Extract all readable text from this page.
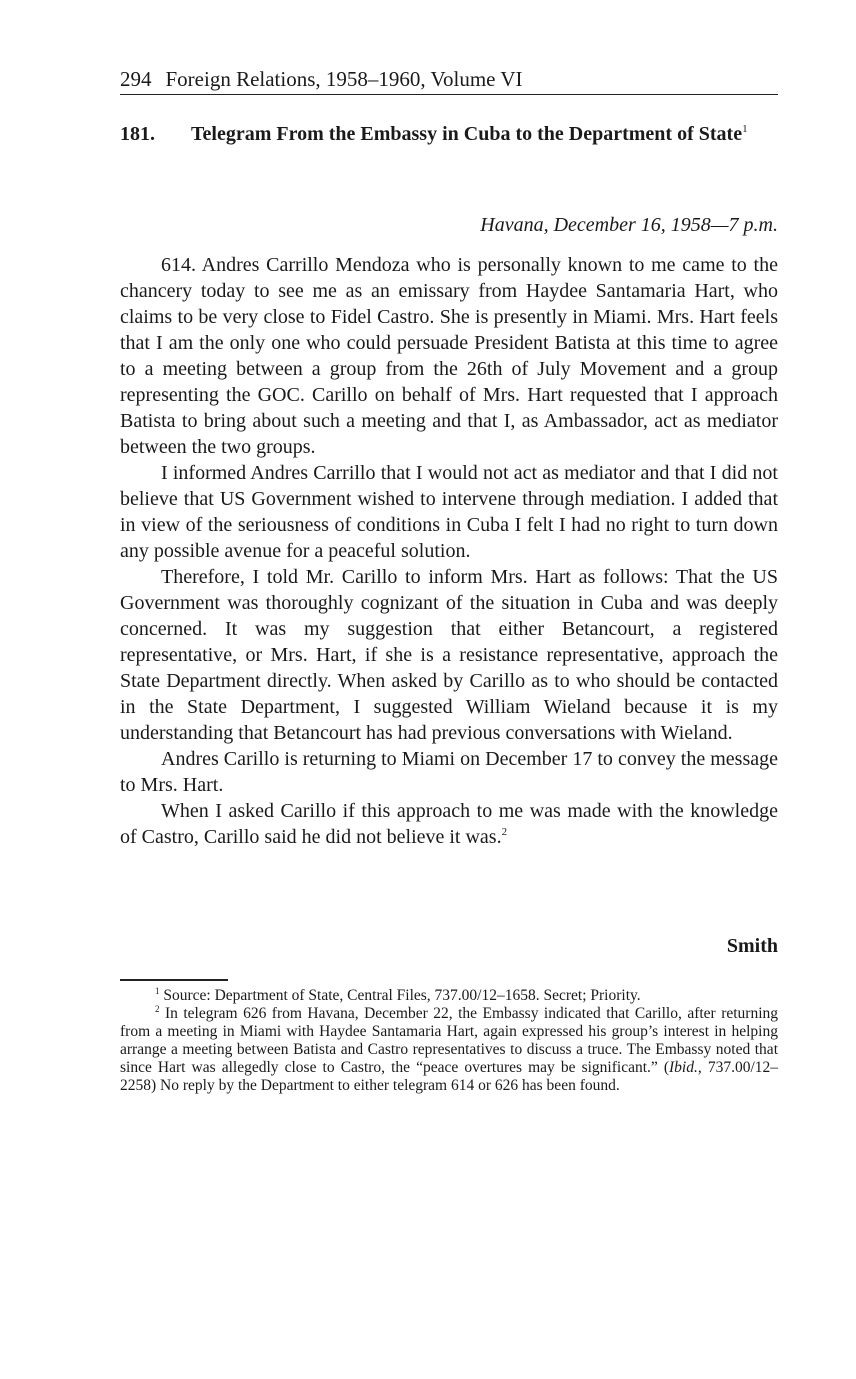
294 Foreign Relations, 1958–1960, Volume VI
181. Telegram From the Embassy in Cuba to the Department of State$^1$
Havana, December 16, 1958—7 p.m.

614. Andres Carrillo Mendoza who is personally known to me came to the chancery today to see me as an emissary from Haydee Santamaria Hart, who claims to be very close to Fidel Castro. She is presently in Miami. Mrs. Hart feels that I am the only one who could persuade President Batista at this time to agree to a meeting between a group from the 26th of July Movement and a group representing the GOC. Carillo on behalf of Mrs. Hart requested that I approach Batista to bring about such a meeting and that I, as Ambassador, act as mediator between the two groups.

I informed Andres Carrillo that I would not act as mediator and that I did not believe that US Government wished to intervene through mediation. I added that in view of the seriousness of conditions in Cuba I felt I had no right to turn down any possible avenue for a peaceful solution.

Therefore, I told Mr. Carillo to inform Mrs. Hart as follows: That the US Government was thoroughly cognizant of the situation in Cuba and was deeply concerned. It was my suggestion that either Betancourt, a registered representative, or Mrs. Hart, if she is a resistance representative, approach the State Department directly. When asked by Carillo as to who should be contacted in the State Department, I suggested William Wieland because it is my understanding that Betancourt has had previous conversations with Wieland.

Andres Carillo is returning to Miami on December 17 to convey the message to Mrs. Hart.

When I asked Carillo if this approach to me was made with the knowledge of Castro, Carillo said he did not believe it was.$^2$

Smith

$^1$ Source: Department of State, Central Files, 737.00/12–1658. Secret; Priority.

$^2$ In telegram 626 from Havana, December 22, the Embassy indicated that Carillo, after returning from a meeting in Miami with Haydee Santamaria Hart, again expressed his group’s interest in helping arrange a meeting between Batista and Castro representatives to discuss a truce. The Embassy noted that since Hart was allegedly close to Castro, the “peace overtures may be significant.” (Ibid., 737.00/12–2258) No reply by the Department to either telegram 614 or 626 has been found.
